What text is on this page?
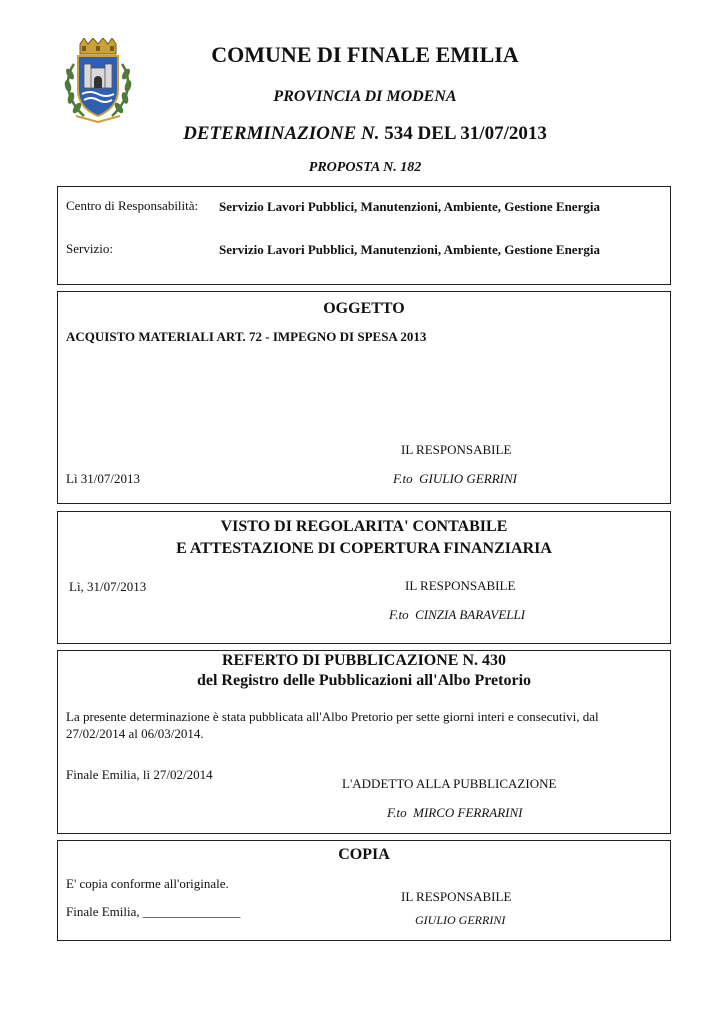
COMUNE DI FINALE EMILIA
PROVINCIA DI MODENA
DETERMINAZIONE N. 534 DEL 31/07/2013
PROPOSTA N. 182
Centro di Responsabilità: Servizio Lavori Pubblici, Manutenzioni, Ambiente, Gestione Energia
Servizio:	Servizio Lavori Pubblici, Manutenzioni, Ambiente, Gestione Energia
OGGETTO
ACQUISTO MATERIALI ART. 72 - IMPEGNO DI SPESA 2013
IL RESPONSABILE
Lì 31/07/2013	F.to  GIULIO GERRINI
VISTO DI REGOLARITA' CONTABILE
E ATTESTAZIONE DI COPERTURA FINANZIARIA
Lì, 31/07/2013	IL RESPONSABILE
F.to  CINZIA BARAVELLI
REFERTO DI PUBBLICAZIONE N. 430
del Registro delle Pubblicazioni all'Albo Pretorio
La presente determinazione è stata pubblicata all'Albo Pretorio per sette giorni interi e consecutivi, dal
27/02/2014 al 06/03/2014.
Finale Emilia, lì 27/02/2014
L'ADDETTO ALLA PUBBLICAZIONE
F.to  MIRCO FERRARINI
COPIA
E' copia conforme all'originale.
IL RESPONSABILE
Finale Emilia, _______________
GIULIO GERRINI
